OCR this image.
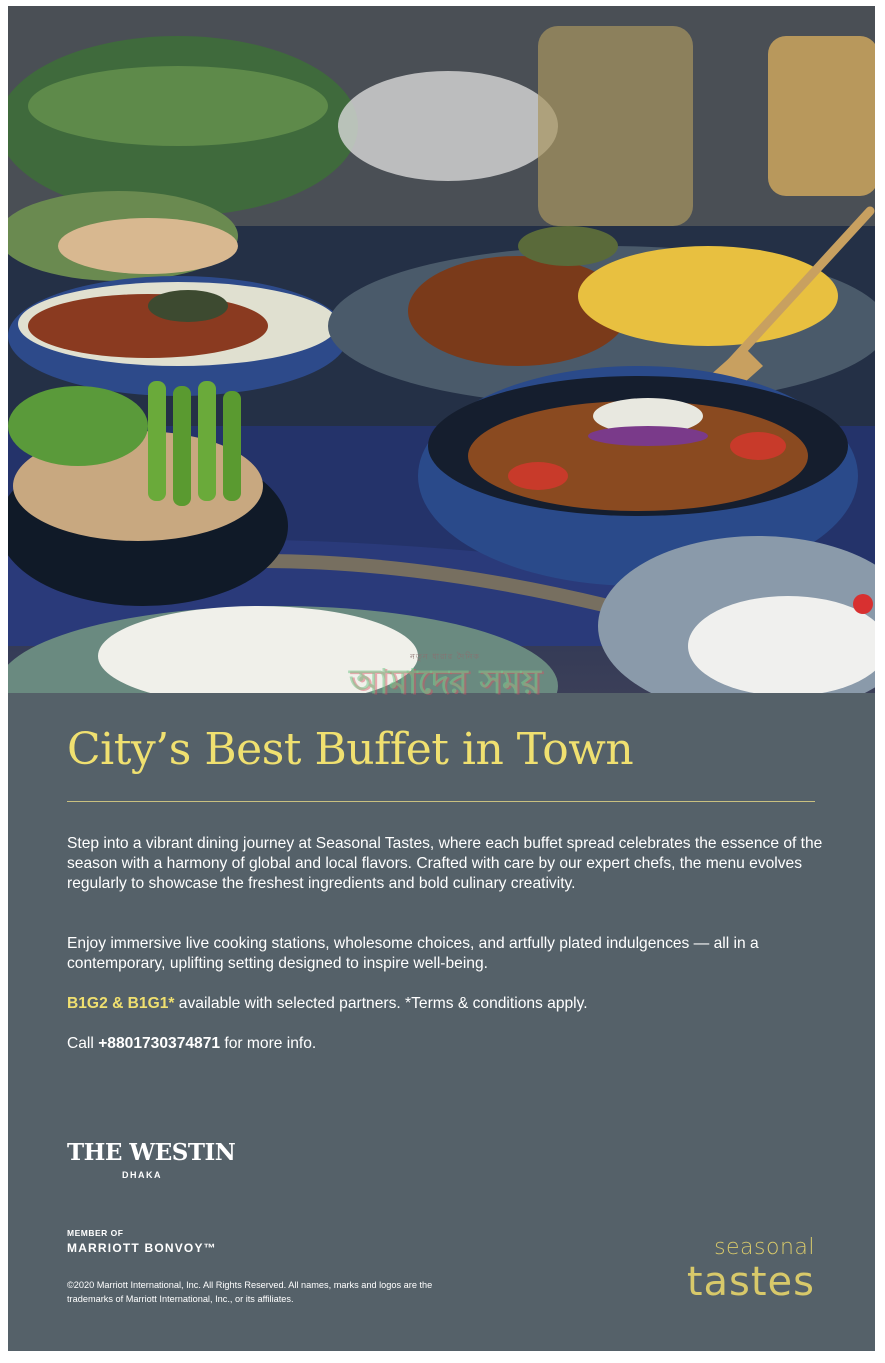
নতুন ধারার দৈনিক
আমাদের সময়
City’s Best Buffet in Town

Step into a vibrant dining journey at Seasonal Tastes, where each buffet spread celebrates the essence of the season with a harmony of global and local flavors. Crafted with care by our expert chefs, the menu evolves regularly to showcase the freshest ingredients and bold culinary creativity.

Enjoy immersive live cooking stations, wholesome choices, and artfully plated indulgences — all in a contemporary, uplifting setting designed to inspire well-being.

B1G2 & B1G1* available with selected partners. *Terms & conditions apply.

Call +8801730374871 for more info.

THE WESTIN
DHAKA
MEMBER OF
MARRIOTT BONVOY™

©2020 Marriott International, Inc. All Rights Reserved. All names, marks and logos are the trademarks of Marriott International, Inc., or its affiliates.

seasonal
tastes
